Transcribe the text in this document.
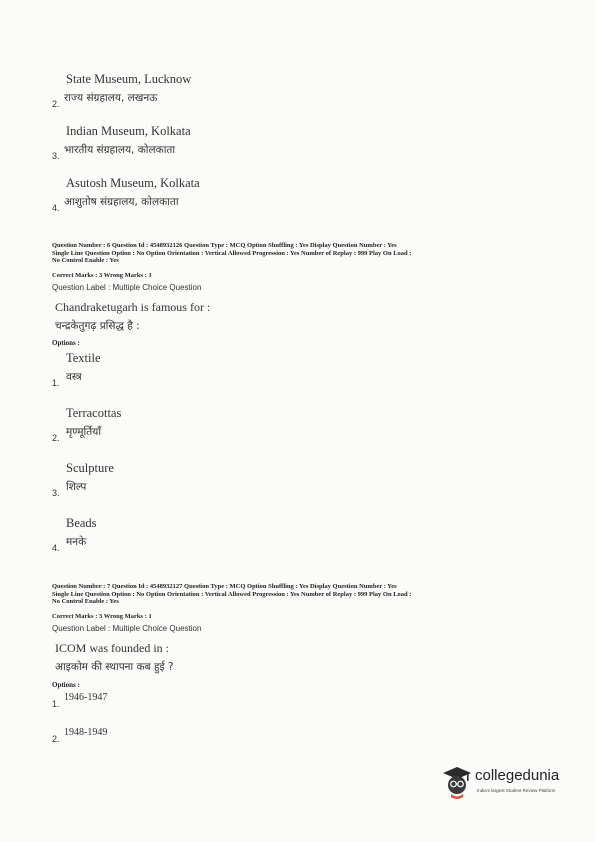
State Museum, Lucknow
2. राज्य संग्रहालय, लखनऊ
Indian Museum, Kolkata
3. भारतीय संग्रहालय, कोलकाता
Asutosh Museum, Kolkata
4. आशुतोष संग्रहालय, कोलकाता
Question Number : 6 Question Id : 4548932126 Question Type : MCQ Option Shuffling : Yes Display Question Number : Yes
Single Line Question Option : No Option Orientation : Vertical Allowed Progression : Yes Number of Replay : 999 Play On Load :
No Control Enable : Yes
Correct Marks : 3 Wrong Marks : 1
Question Label : Multiple Choice Question
Chandraketugarh is famous for :
चन्द्रकेतुगढ़ प्रसिद्ध है :
Options :
Textile
1. वस्त्र
Terracottas
2. मृण्मूर्तियाँ
Sculpture
3. शिल्प
Beads
4. मनके
Question Number : 7 Question Id : 4548932127 Question Type : MCQ Option Shuffling : Yes Display Question Number : Yes
Single Line Question Option : No Option Orientation : Vertical Allowed Progression : Yes Number of Replay : 999 Play On Load :
No Control Enable : Yes
Correct Marks : 3 Wrong Marks : 1
Question Label : Multiple Choice Question
ICOM was founded in :
आइकोम की स्थापना कब हुई ?
Options :
1.
1946-1947
2.
1948-1949
collegedunia
India's largest Student Review Platform
